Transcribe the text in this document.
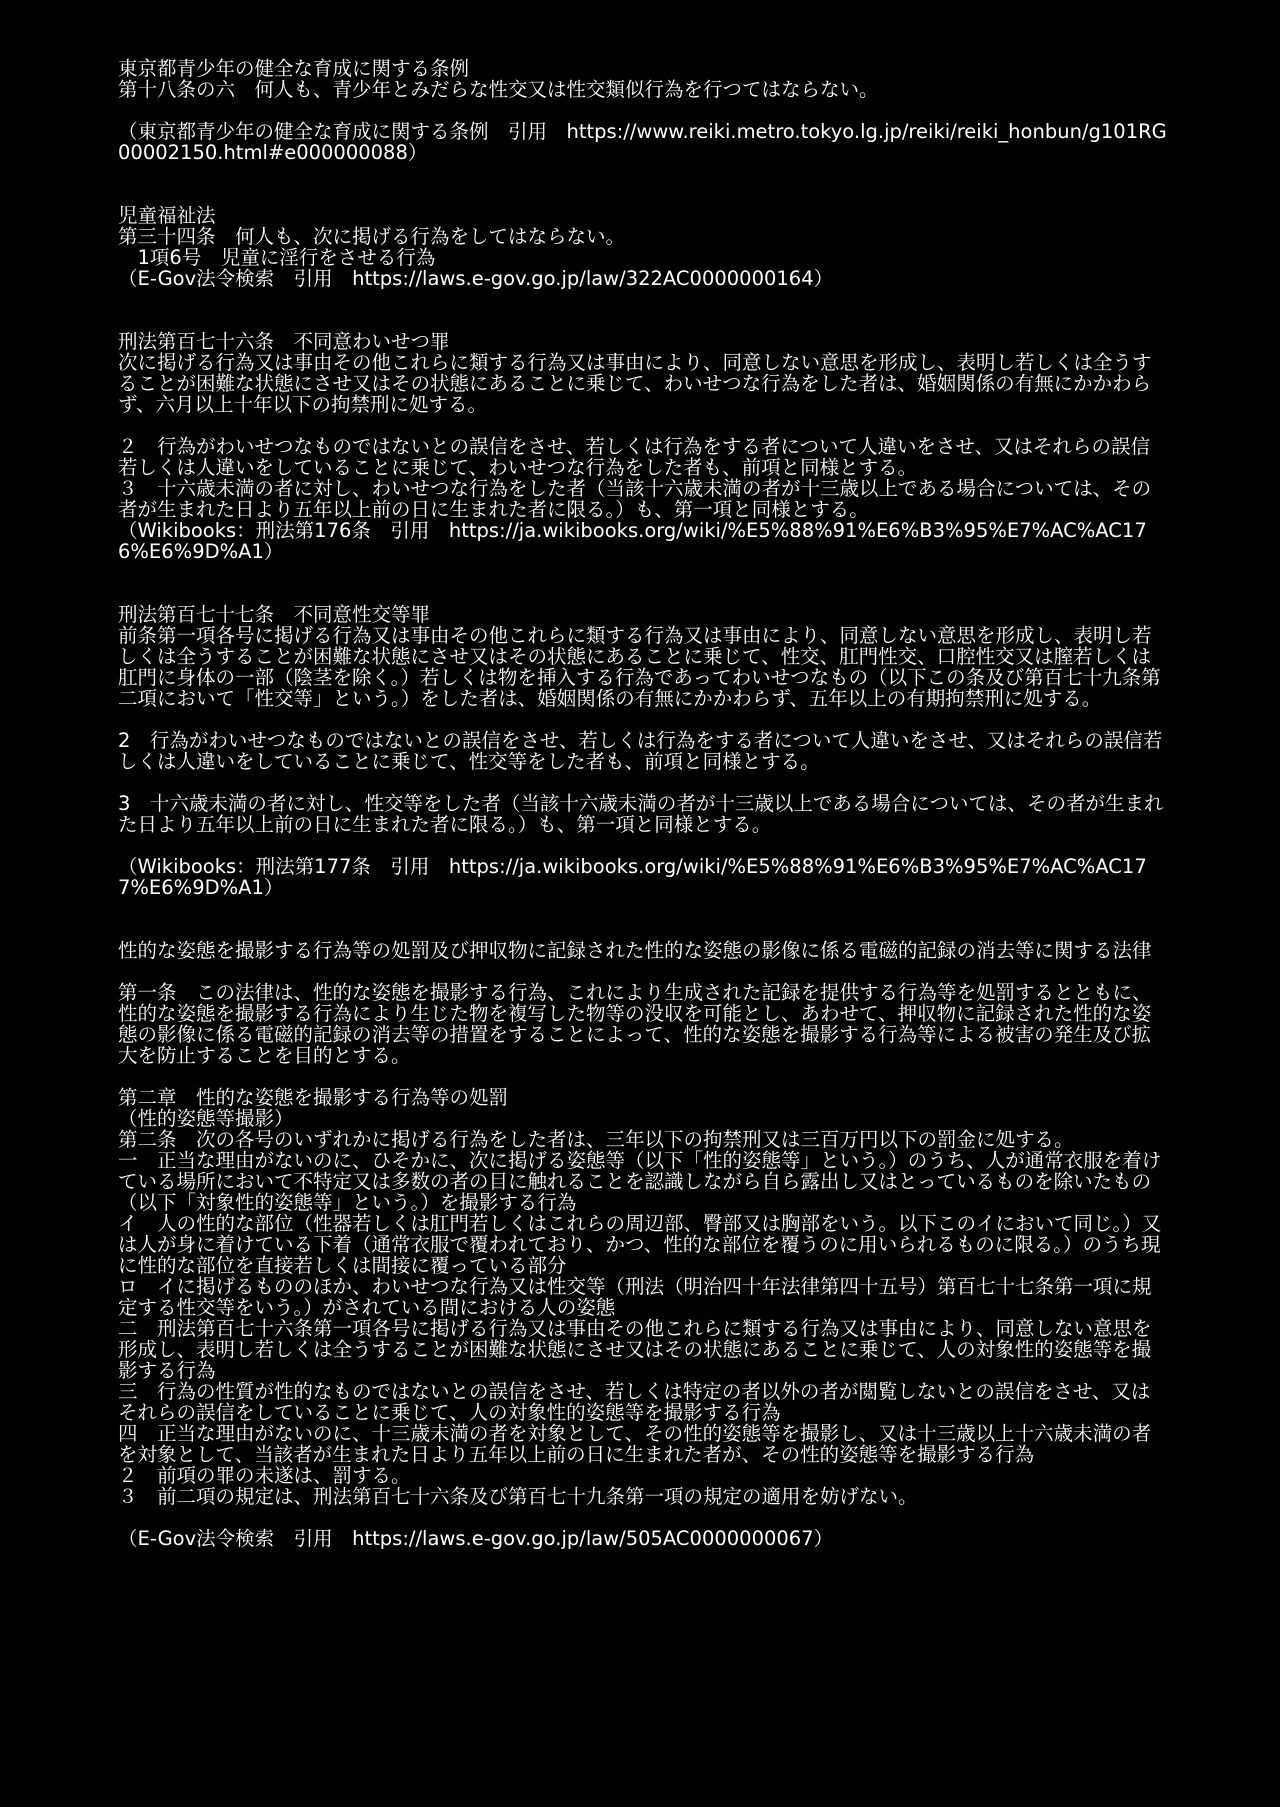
東京都青少年の健全な育成に関する条例

第十八条の六　何人も、青少年とみだらな性交又は性交類似行為を行つてはならない。

（東京都青少年の健全な育成に関する条例　引用　https://www.reiki.metro.tokyo.lg.jp/reiki/reiki_honbun/g101RG00002150.html#e000000088）

児童福祉法

第三十四条　何人も、次に掲げる行為をしてはならない。

　1項6号　児童に淫行をさせる行為

（E-Gov法令検索　引用　https://laws.e-gov.go.jp/law/322AC0000000164）

刑法第百七十六条　不同意わいせつ罪

次に掲げる行為又は事由その他これらに類する行為又は事由により、同意しない意思を形成し、表明し若しくは全うすることが困難な状態にさせ又はその状態にあることに乗じて、わいせつな行為をした者は、婚姻関係の有無にかかわらず、六月以上十年以下の拘禁刑に処する。

２　行為がわいせつなものではないとの誤信をさせ、若しくは行為をする者について人違いをさせ、又はそれらの誤信若しくは人違いをしていることに乗じて、わいせつな行為をした者も、前項と同様とする。

３　十六歳未満の者に対し、わいせつな行為をした者（当該十六歳未満の者が十三歳以上である場合については、その者が生まれた日より五年以上前の日に生まれた者に限る。）も、第一項と同様とする。

（Wikibooks：刑法第176条　引用　https://ja.wikibooks.org/wiki/%E5%88%91%E6%B3%95%E7%AC%AC176%E6%9D%A1）

刑法第百七十七条　不同意性交等罪

前条第一項各号に掲げる行為又は事由その他これらに類する行為又は事由により、同意しない意思を形成し、表明し若しくは全うすることが困難な状態にさせ又はその状態にあることに乗じて、性交、肛門性交、口腔性交又は膣若しくは肛門に身体の一部（陰茎を除く。）若しくは物を挿入する行為であってわいせつなもの（以下この条及び第百七十九条第二項において「性交等」という。）をした者は、婚姻関係の有無にかかわらず、五年以上の有期拘禁刑に処する。

2　行為がわいせつなものではないとの誤信をさせ、若しくは行為をする者について人違いをさせ、又はそれらの誤信若しくは人違いをしていることに乗じて、性交等をした者も、前項と同様とする。

3　十六歳未満の者に対し、性交等をした者（当該十六歳未満の者が十三歳以上である場合については、その者が生まれた日より五年以上前の日に生まれた者に限る。）も、第一項と同様とする。

（Wikibooks：刑法第177条　引用　https://ja.wikibooks.org/wiki/%E5%88%91%E6%B3%95%E7%AC%AC177%E6%9D%A1）

性的な姿態を撮影する行為等の処罰及び押収物に記録された性的な姿態の影像に係る電磁的記録の消去等に関する法律

第一条　この法律は、性的な姿態を撮影する行為、これにより生成された記録を提供する行為等を処罰するとともに、性的な姿態を撮影する行為により生じた物を複写した物等の没収を可能とし、あわせて、押収物に記録された性的な姿態の影像に係る電磁的記録の消去等の措置をすることによって、性的な姿態を撮影する行為等による被害の発生及び拡大を防止することを目的とする。

第二章　性的な姿態を撮影する行為等の処罰

（性的姿態等撮影）

第二条　次の各号のいずれかに掲げる行為をした者は、三年以下の拘禁刑又は三百万円以下の罰金に処する。

一　正当な理由がないのに、ひそかに、次に掲げる姿態等（以下「性的姿態等」という。）のうち、人が通常衣服を着けている場所において不特定又は多数の者の目に触れることを認識しながら自ら露出し又はとっているものを除いたもの（以下「対象性的姿態等」という。）を撮影する行為

イ　人の性的な部位（性器若しくは肛門若しくはこれらの周辺部、臀部又は胸部をいう。以下このイにおいて同じ。）又は人が身に着けている下着（通常衣服で覆われており、かつ、性的な部位を覆うのに用いられるものに限る。）のうち現に性的な部位を直接若しくは間接に覆っている部分

ロ　イに掲げるもののほか、わいせつな行為又は性交等（刑法（明治四十年法律第四十五号）第百七十七条第一項に規定する性交等をいう。）がされている間における人の姿態

二　刑法第百七十六条第一項各号に掲げる行為又は事由その他これらに類する行為又は事由により、同意しない意思を形成し、表明し若しくは全うすることが困難な状態にさせ又はその状態にあることに乗じて、人の対象性的姿態等を撮影する行為

三　行為の性質が性的なものではないとの誤信をさせ、若しくは特定の者以外の者が閲覧しないとの誤信をさせ、又はそれらの誤信をしていることに乗じて、人の対象性的姿態等を撮影する行為

四　正当な理由がないのに、十三歳未満の者を対象として、その性的姿態等を撮影し、又は十三歳以上十六歳未満の者を対象として、当該者が生まれた日より五年以上前の日に生まれた者が、その性的姿態等を撮影する行為

２　前項の罪の未遂は、罰する。

３　前二項の規定は、刑法第百七十六条及び第百七十九条第一項の規定の適用を妨げない。

（E-Gov法令検索　引用　https://laws.e-gov.go.jp/law/505AC0000000067）
